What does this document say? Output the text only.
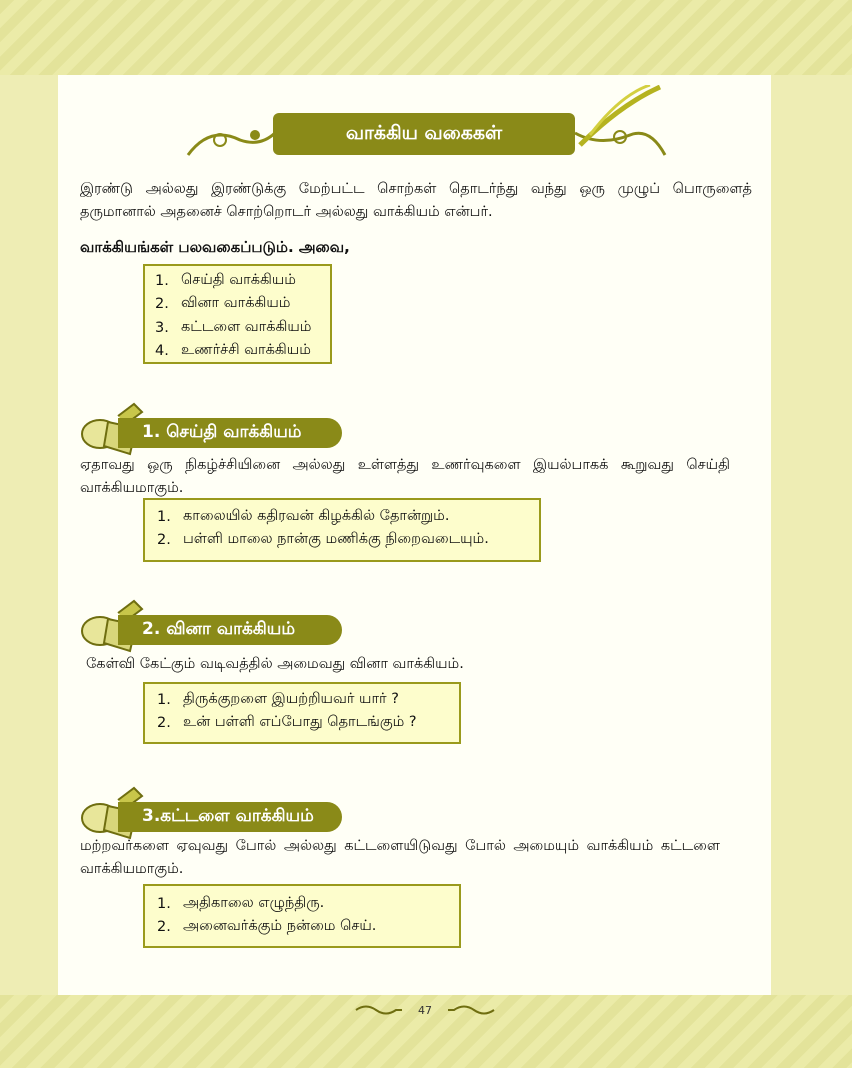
வாக்கிய வகைகள்
இரண்டு அல்லது இரண்டுக்கு மேற்பட்ட சொற்கள் தொடர்ந்து வந்து ஒரு முழுப் பொருளைத் தருமானால் அதனைச் சொற்றொடர் அல்லது வாக்கியம் என்பர்.
வாக்கியங்கள் பலவகைப்படும். அவை,
1. செய்தி வாக்கியம்
2. வினா வாக்கியம்
3. கட்டளை வாக்கியம்
4. உணர்ச்சி வாக்கியம்
1. செய்தி வாக்கியம்
ஏதாவது ஒரு நிகழ்ச்சியினை அல்லது உள்ளத்து உணர்வுகளை இயல்பாகக் கூறுவது செய்தி வாக்கியமாகும்.
1. காலையில் கதிரவன் கிழக்கில் தோன்றும்.
2. பள்ளி மாலை நான்கு மணிக்கு நிறைவடையும்.
2. வினா வாக்கியம்
கேள்வி கேட்கும் வடிவத்தில் அமைவது வினா வாக்கியம்.
1. திருக்குறளை இயற்றியவர் யார் ?
2. உன் பள்ளி எப்போது தொடங்கும் ?
3.கட்டளை வாக்கியம்
மற்றவர்களை ஏவுவது போல் அல்லது கட்டளையிடுவது போல் அமையும் வாக்கியம் கட்டளை வாக்கியமாகும்.
1. அதிகாலை எழுந்திரு.
2. அனைவர்க்கும் நன்மை செய்.
47
